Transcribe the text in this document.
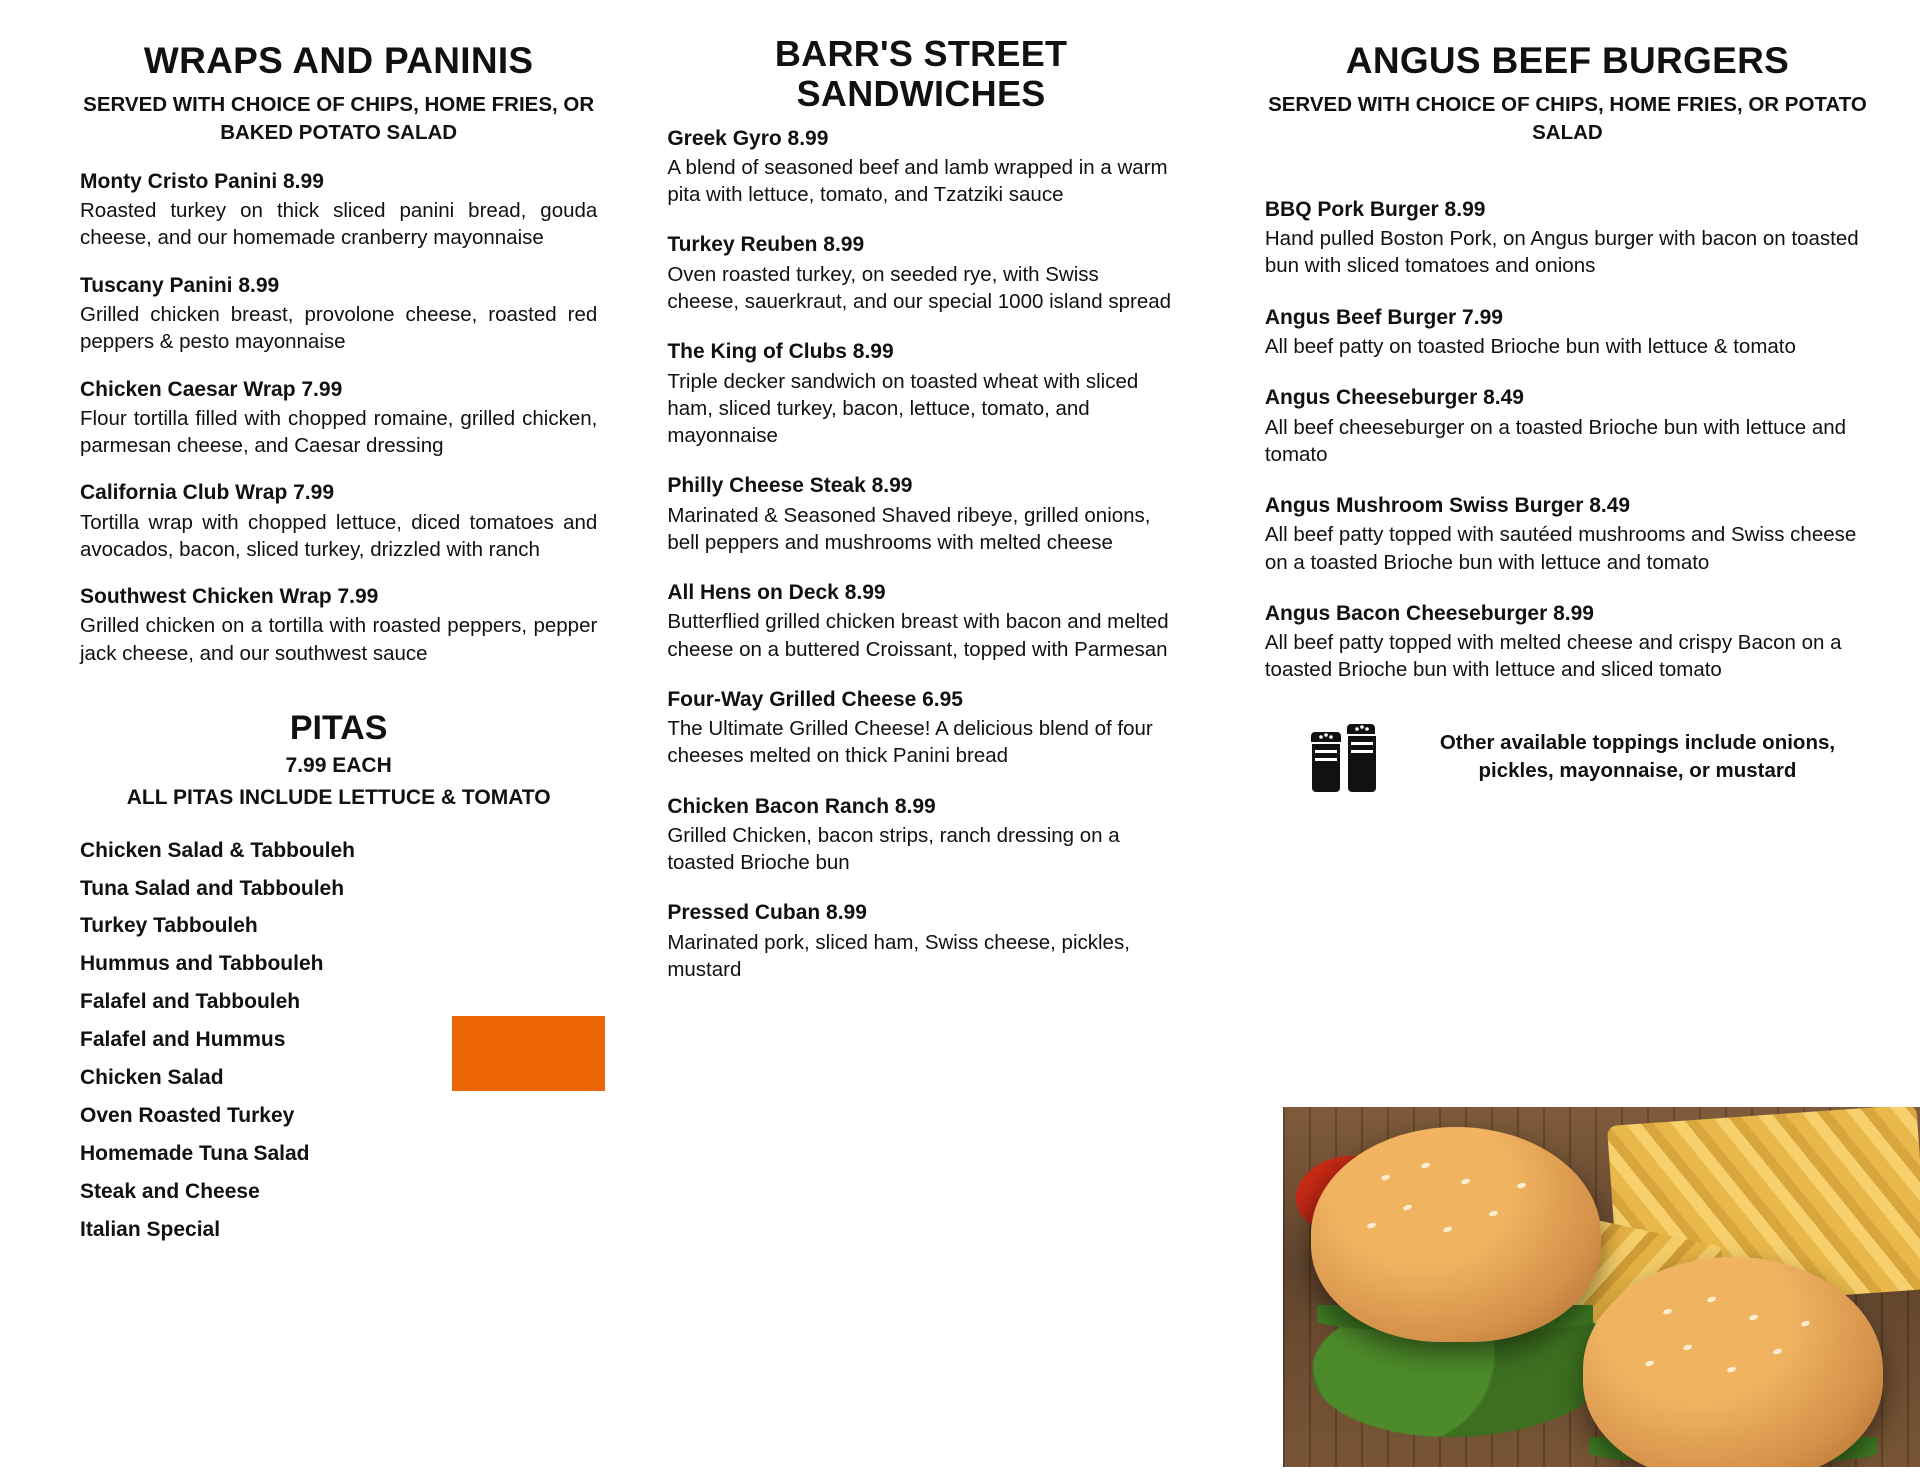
WRAPS AND PANINIS
SERVED WITH CHOICE OF CHIPS, HOME FRIES, OR BAKED POTATO SALAD

Monty Cristo Panini 8.99

Roasted turkey on thick sliced panini bread, gouda cheese, and our homemade cranberry mayonnaise

Tuscany Panini 8.99

Grilled chicken breast, provolone cheese, roasted red peppers & pesto mayonnaise

Chicken Caesar Wrap 7.99

Flour tortilla filled with chopped romaine, grilled chicken, parmesan cheese, and Caesar dressing

California Club Wrap 7.99

Tortilla wrap with chopped lettuce, diced tomatoes and avocados, bacon, sliced turkey, drizzled with ranch

Southwest Chicken Wrap 7.99

Grilled chicken on a tortilla with roasted peppers, pepper jack cheese, and our southwest sauce

PITAS
7.99 EACH
ALL PITAS INCLUDE LETTUCE & TOMATO
Chicken Salad & Tabbouleh
Tuna Salad and Tabbouleh
Turkey Tabbouleh
Hummus and Tabbouleh
Falafel and Tabbouleh
Falafel and Hummus
Chicken Salad
Oven Roasted Turkey
Homemade Tuna Salad
Steak and Cheese
Italian Special
BARR'S STREET SANDWICHES

Greek Gyro 8.99

A blend of seasoned beef and lamb wrapped in a warm pita with lettuce, tomato, and Tzatziki sauce

Turkey Reuben 8.99

Oven roasted turkey, on seeded rye, with Swiss cheese, sauerkraut, and our special 1000 island spread

The King of Clubs 8.99

Triple decker sandwich on toasted wheat with sliced ham, sliced turkey, bacon, lettuce, tomato, and mayonnaise

Philly Cheese Steak 8.99

Marinated & Seasoned Shaved ribeye, grilled onions, bell peppers and mushrooms with melted cheese

All Hens on Deck 8.99

Butterflied grilled chicken breast with bacon and melted cheese on a buttered Croissant, topped with Parmesan

Four-Way Grilled Cheese 6.95

The Ultimate Grilled Cheese! A delicious blend of four cheeses melted on thick Panini bread

Chicken Bacon Ranch 8.99

Grilled Chicken, bacon strips, ranch dressing on a toasted Brioche bun

Pressed Cuban 8.99

Marinated pork, sliced ham, Swiss cheese, pickles, mustard

ANGUS BEEF BURGERS
SERVED WITH CHOICE OF CHIPS, HOME FRIES, OR POTATO SALAD

BBQ Pork Burger 8.99

Hand pulled Boston Pork, on Angus burger with bacon on toasted bun with sliced tomatoes and onions

Angus Beef Burger 7.99

All beef patty on toasted Brioche bun with lettuce & tomato

Angus Cheeseburger 8.49

All beef cheeseburger on a toasted Brioche bun with lettuce and tomato

Angus Mushroom Swiss Burger 8.49

All beef patty topped with sautéed mushrooms and Swiss cheese on a toasted Brioche bun with lettuce and tomato

Angus Bacon Cheeseburger 8.99

All beef patty topped with melted cheese and crispy Bacon on a toasted Brioche bun with lettuce and sliced tomato

Other available toppings include onions, pickles, mayonnaise, or mustard
